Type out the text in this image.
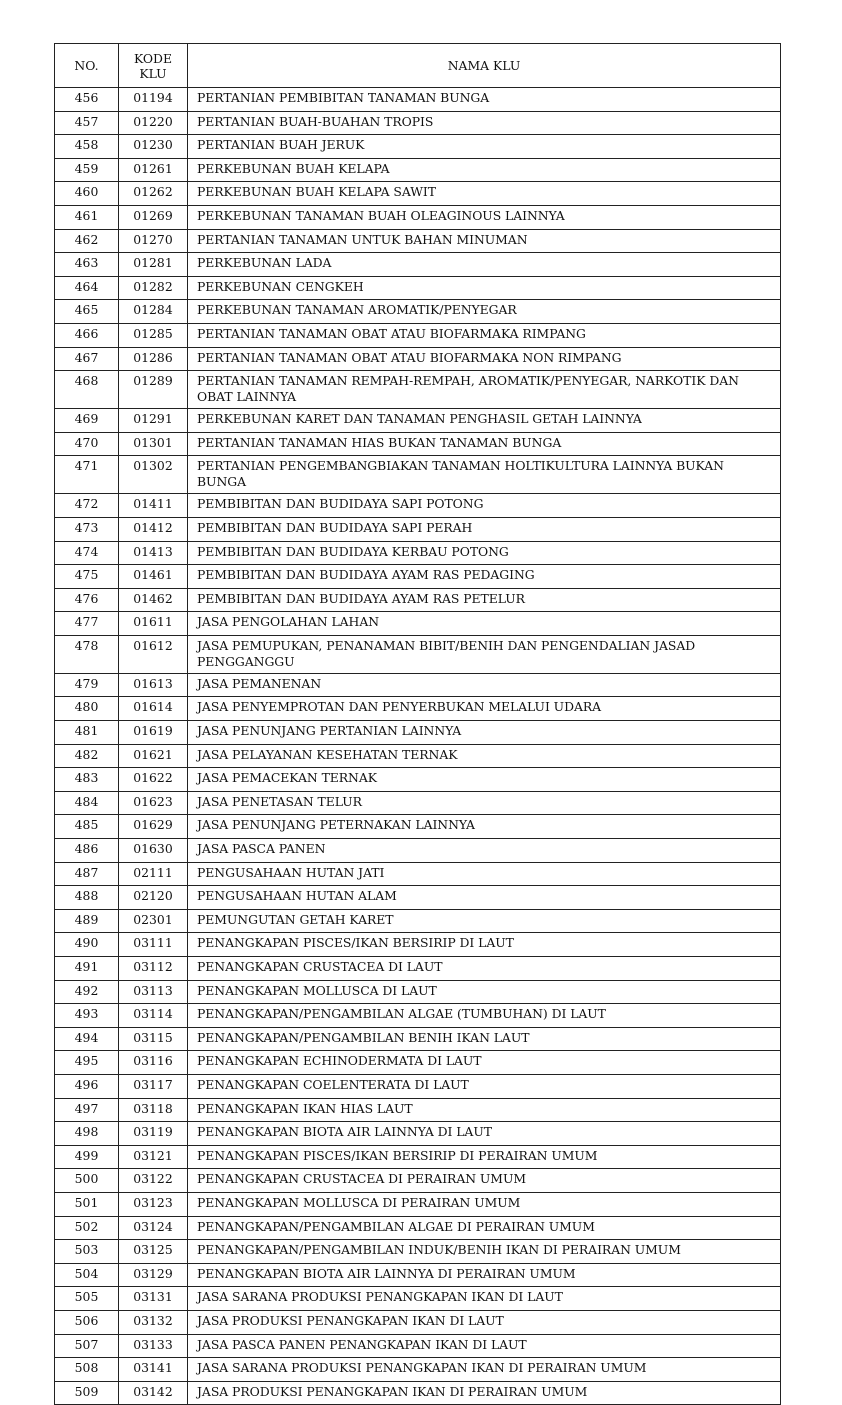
NO.	KODE KLU	NAMA KLU
456	01194	PERTANIAN PEMBIBITAN TANAMAN BUNGA
457	01220	PERTANIAN BUAH-BUAHAN TROPIS
458	01230	PERTANIAN BUAH JERUK
459	01261	PERKEBUNAN BUAH KELAPA
460	01262	PERKEBUNAN BUAH KELAPA SAWIT
461	01269	PERKEBUNAN TANAMAN BUAH OLEAGINOUS LAINNYA
462	01270	PERTANIAN TANAMAN UNTUK BAHAN MINUMAN
463	01281	PERKEBUNAN LADA
464	01282	PERKEBUNAN CENGKEH
465	01284	PERKEBUNAN TANAMAN AROMATIK/PENYEGAR
466	01285	PERTANIAN TANAMAN OBAT ATAU BIOFARMAKA RIMPANG
467	01286	PERTANIAN TANAMAN OBAT ATAU BIOFARMAKA NON RIMPANG
468	01289	PERTANIAN TANAMAN REMPAH-REMPAH, AROMATIK/PENYEGAR, NARKOTIK DAN OBAT LAINNYA
469	01291	PERKEBUNAN KARET DAN TANAMAN PENGHASIL GETAH LAINNYA
470	01301	PERTANIAN TANAMAN HIAS BUKAN TANAMAN BUNGA
471	01302	PERTANIAN PENGEMBANGBIAKAN TANAMAN HOLTIKULTURA LAINNYA BUKAN BUNGA
472	01411	PEMBIBITAN DAN BUDIDAYA SAPI POTONG
473	01412	PEMBIBITAN DAN BUDIDAYA SAPI PERAH
474	01413	PEMBIBITAN DAN BUDIDAYA KERBAU POTONG
475	01461	PEMBIBITAN DAN BUDIDAYA AYAM RAS PEDAGING
476	01462	PEMBIBITAN DAN BUDIDAYA AYAM RAS PETELUR
477	01611	JASA PENGOLAHAN LAHAN
478	01612	JASA PEMUPUKAN, PENANAMAN BIBIT/BENIH DAN PENGENDALIAN JASAD PENGGANGGU
479	01613	JASA PEMANENAN
480	01614	JASA PENYEMPROTAN DAN PENYERBUKAN MELALUI UDARA
481	01619	JASA PENUNJANG PERTANIAN LAINNYA
482	01621	JASA PELAYANAN KESEHATAN TERNAK
483	01622	JASA PEMACEKAN TERNAK
484	01623	JASA PENETASAN TELUR
485	01629	JASA PENUNJANG PETERNAKAN LAINNYA
486	01630	JASA PASCA PANEN
487	02111	PENGUSAHAAN HUTAN JATI
488	02120	PENGUSAHAAN HUTAN ALAM
489	02301	PEMUNGUTAN GETAH KARET
490	03111	PENANGKAPAN PISCES/IKAN BERSIRIP DI LAUT
491	03112	PENANGKAPAN CRUSTACEA DI LAUT
492	03113	PENANGKAPAN MOLLUSCA DI LAUT
493	03114	PENANGKAPAN/PENGAMBILAN ALGAE (TUMBUHAN) DI LAUT
494	03115	PENANGKAPAN/PENGAMBILAN BENIH IKAN LAUT
495	03116	PENANGKAPAN ECHINODERMATA DI LAUT
496	03117	PENANGKAPAN COELENTERATA DI LAUT
497	03118	PENANGKAPAN IKAN HIAS LAUT
498	03119	PENANGKAPAN BIOTA AIR LAINNYA DI LAUT
499	03121	PENANGKAPAN PISCES/IKAN BERSIRIP DI PERAIRAN UMUM
500	03122	PENANGKAPAN CRUSTACEA DI PERAIRAN UMUM
501	03123	PENANGKAPAN MOLLUSCA DI PERAIRAN UMUM
502	03124	PENANGKAPAN/PENGAMBILAN ALGAE DI PERAIRAN UMUM
503	03125	PENANGKAPAN/PENGAMBILAN INDUK/BENIH IKAN DI PERAIRAN UMUM
504	03129	PENANGKAPAN BIOTA AIR LAINNYA DI PERAIRAN UMUM
505	03131	JASA SARANA PRODUKSI PENANGKAPAN IKAN DI LAUT
506	03132	JASA PRODUKSI PENANGKAPAN IKAN DI LAUT
507	03133	JASA PASCA PANEN PENANGKAPAN IKAN DI LAUT
508	03141	JASA SARANA PRODUKSI PENANGKAPAN IKAN DI PERAIRAN UMUM
509	03142	JASA PRODUKSI PENANGKAPAN IKAN DI PERAIRAN UMUM
